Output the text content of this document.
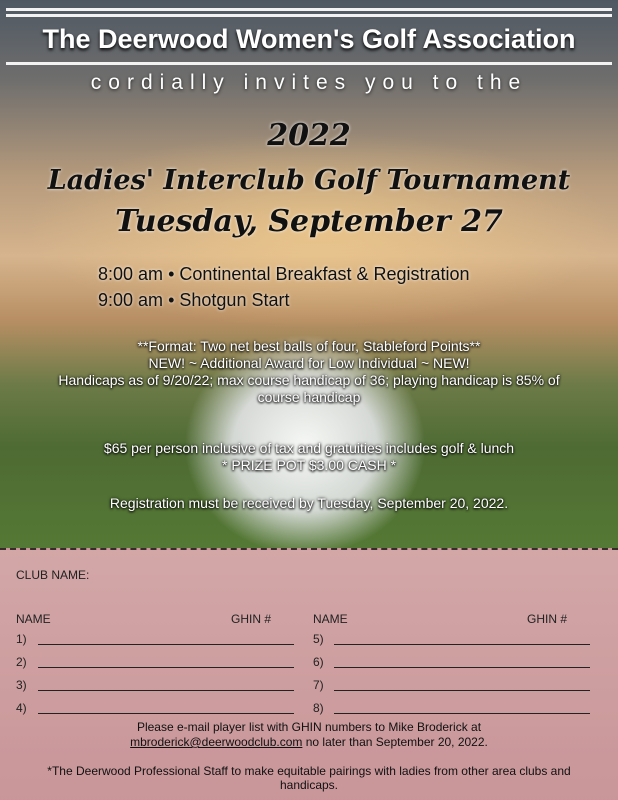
The Deerwood Women's Golf Association
cordially invites you to the
2022
Ladies' Interclub Golf Tournament
Tuesday, September 27
8:00 am • Continental Breakfast & Registration
9:00 am • Shotgun Start
**Format: Two net best balls of four, Stableford Points**
NEW! ~ Additional Award for Low Individual ~ NEW!
Handicaps as of 9/20/22; max course handicap of 36; playing handicap is 85% of course handicap
$65 per person inclusive of tax and gratuities includes golf & lunch
* PRIZE POT $3.00 CASH *
Registration must be received by Tuesday, September 20, 2022.
CLUB NAME:
NAME	GHIN #	NAME	GHIN #
1)
2)
3)
4)
5)
6)
7)
8)
Please e-mail player list with GHIN numbers to Mike Broderick at
mbroderick@deerwoodclub.com no later than September 20, 2022.
*The Deerwood Professional Staff to make equitable pairings with ladies from other area clubs and handicaps.
